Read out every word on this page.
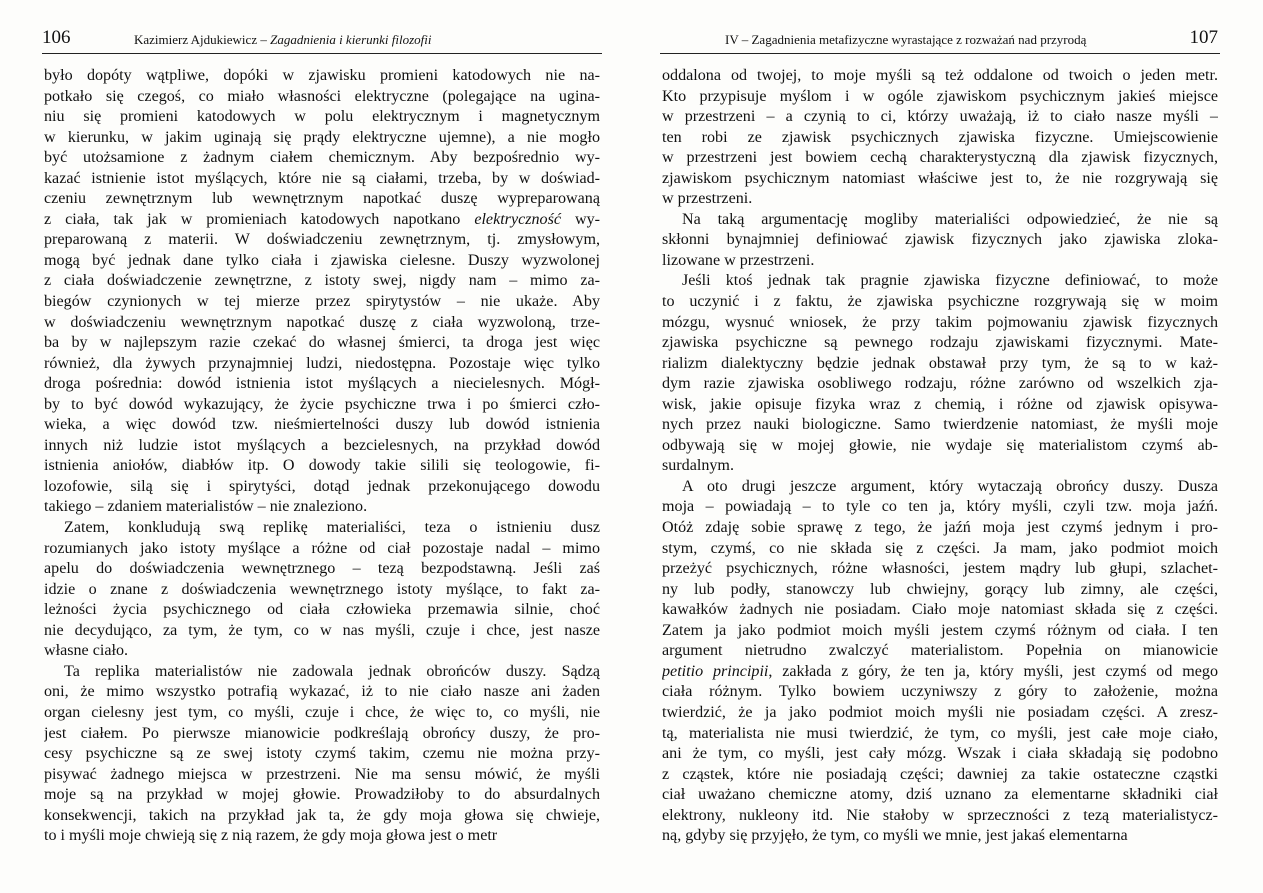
106	Kazimierz Ajdukiewicz – Zagadnienia i kierunki filozofii
było dopóty wątpliwe, dopóki w zjawisku promieni katodowych nie na-
potkało się czegoś, co miało własności elektryczne (polegające na ugina-
niu się promieni katodowych w polu elektrycznym i magnetycznym
w kierunku, w jakim uginają się prądy elektryczne ujemne), a nie mogło
być utożsamione z żadnym ciałem chemicznym. Aby bezpośrednio wy-
kazać istnienie istot myślących, które nie są ciałami, trzeba, by w doświad-
czeniu zewnętrznym lub wewnętrznym napotkać duszę wypreparowaną
z ciała, tak jak w promieniach katodowych napotkano elektryczność wy-
preparowaną z materii. W doświadczeniu zewnętrznym, tj. zmysłowym,
mogą być jednak dane tylko ciała i zjawiska cielesne. Duszy wyzwolonej
z ciała doświadczenie zewnętrzne, z istoty swej, nigdy nam – mimo za-
biegów czynionych w tej mierze przez spirytystów – nie ukaże. Aby
w doświadczeniu wewnętrznym napotkać duszę z ciała wyzwoloną, trze-
ba by w najlepszym razie czekać do własnej śmierci, ta droga jest więc
również, dla żywych przynajmniej ludzi, niedostępna. Pozostaje więc tylko
droga pośrednia: dowód istnienia istot myślących a niecielesnych. Mógł-
by to być dowód wykazujący, że życie psychiczne trwa i po śmierci czło-
wieka, a więc dowód tzw. nieśmiertelności duszy lub dowód istnienia
innych niż ludzie istot myślących a bezcielesnych, na przykład dowód
istnienia aniołów, diabłów itp. O dowody takie silili się teologowie, fi-
lozofowie, silą się i spirytyści, dotąd jednak przekonującego dowodu
takiego – zdaniem materialistów – nie znaleziono.
Zatem, konkludują swą replikę materialiści, teza o istnieniu dusz
rozumianych jako istoty myślące a różne od ciał pozostaje nadal – mimo
apelu do doświadczenia wewnętrznego – tezą bezpodstawną. Jeśli zaś
idzie o znane z doświadczenia wewnętrznego istoty myślące, to fakt za-
leżności życia psychicznego od ciała człowieka przemawia silnie, choć
nie decydująco, za tym, że tym, co w nas myśli, czuje i chce, jest nasze
własne ciało.
Ta replika materialistów nie zadowala jednak obrońców duszy. Sądzą
oni, że mimo wszystko potrafią wykazać, iż to nie ciało nasze ani żaden
organ cielesny jest tym, co myśli, czuje i chce, że więc to, co myśli, nie
jest ciałem. Po pierwsze mianowicie podkreślają obrońcy duszy, że pro-
cesy psychiczne są ze swej istoty czymś takim, czemu nie można przy-
pisywać żadnego miejsca w przestrzeni. Nie ma sensu mówić, że myśli
moje są na przykład w mojej głowie. Prowadziłoby to do absurdalnych
konsekwencji, takich na przykład jak ta, że gdy moja głowa się chwieje,
to i myśli moje chwieją się z nią razem, że gdy moja głowa jest o metr
IV – Zagadnienia metafizyczne wyrastające z rozważań nad przyrodą	107
oddalona od twojej, to moje myśli są też oddalone od twoich o jeden metr.
Kto przypisuje myślom i w ogóle zjawiskom psychicznym jakieś miejsce
w przestrzeni – a czynią to ci, którzy uważają, iż to ciało nasze myśli –
ten robi ze zjawisk psychicznych zjawiska fizyczne. Umiejscowienie
w przestrzeni jest bowiem cechą charakterystyczną dla zjawisk fizycznych,
zjawiskom psychicznym natomiast właściwe jest to, że nie rozgrywają się
w przestrzeni.
Na taką argumentację mogliby materialiści odpowiedzieć, że nie są
skłonni bynajmniej definiować zjawisk fizycznych jako zjawiska zloka-
lizowane w przestrzeni.
Jeśli ktoś jednak tak pragnie zjawiska fizyczne definiować, to może
to uczynić i z faktu, że zjawiska psychiczne rozgrywają się w moim
mózgu, wysnuć wniosek, że przy takim pojmowaniu zjawisk fizycznych
zjawiska psychiczne są pewnego rodzaju zjawiskami fizycznymi. Mate-
rializm dialektyczny będzie jednak obstawał przy tym, że są to w każ-
dym razie zjawiska osobliwego rodzaju, różne zarówno od wszelkich zja-
wisk, jakie opisuje fizyka wraz z chemią, i różne od zjawisk opisywa-
nych przez nauki biologiczne. Samo twierdzenie natomiast, że myśli moje
odbywają się w mojej głowie, nie wydaje się materialistom czymś ab-
surdalnym.
A oto drugi jeszcze argument, który wytaczają obrońcy duszy. Dusza
moja – powiadają – to tyle co ten ja, który myśli, czyli tzw. moja jaźń.
Otóż zdaję sobie sprawę z tego, że jaźń moja jest czymś jednym i pro-
stym, czymś, co nie składa się z części. Ja mam, jako podmiot moich
przeżyć psychicznych, różne własności, jestem mądry lub głupi, szlachet-
ny lub podły, stanowczy lub chwiejny, gorący lub zimny, ale części,
kawałków żadnych nie posiadam. Ciało moje natomiast składa się z części.
Zatem ja jako podmiot moich myśli jestem czymś różnym od ciała. I ten
argument nietrudno zwalczyć materialistom. Popełnia on mianowicie
petitio principii, zakłada z góry, że ten ja, który myśli, jest czymś od mego
ciała różnym. Tylko bowiem uczyniwszy z góry to założenie, można
twierdzić, że ja jako podmiot moich myśli nie posiadam części. A zresz-
tą, materialista nie musi twierdzić, że tym, co myśli, jest całe moje ciało,
ani że tym, co myśli, jest cały mózg. Wszak i ciała składają się podobno
z cząstek, które nie posiadają części; dawniej za takie ostateczne cząstki
ciał uważano chemiczne atomy, dziś uznano za elementarne składniki ciał
elektrony, nukleony itd. Nie stałoby w sprzeczności z tezą materialistycz-
ną, gdyby się przyjęło, że tym, co myśli we mnie, jest jakaś elementarna
